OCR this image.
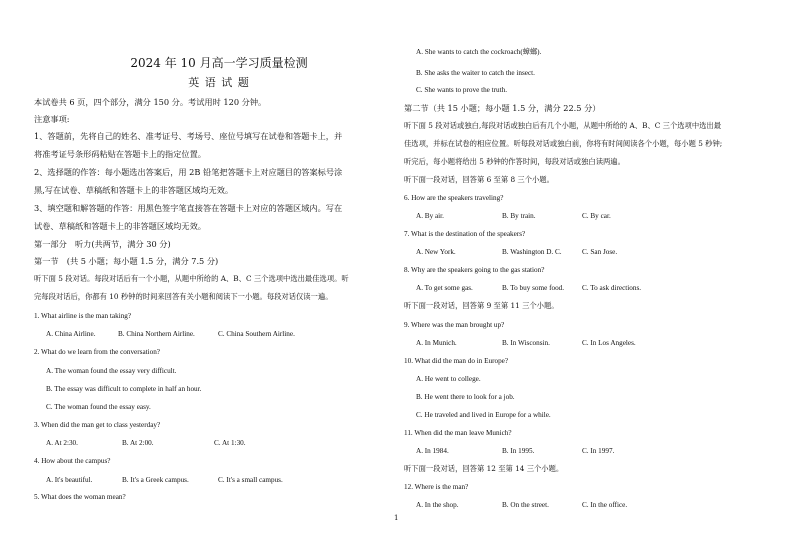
2024 年 10 月高一学习质量检测
英 语 试 题
本试卷共 6 页，四个部分，满分 150 分。考试用时 120 分钟。
注意事项:
1、答题前，先将自己的姓名、准考证号、考场号、座位号填写在试卷和答题卡上，并
将准考证号条形码粘贴在答题卡上的指定位置。
2、选择题的作答：每小题选出答案后，用 2B 铅笔把答题卡上对应题目的答案标号涂
黑,写在试卷、草稿纸和答题卡上的非答题区域均无效。
3、填空题和解答题的作答：用黑色签字笔直接答在答题卡上对应的答题区域内。写在
试卷、草稿纸和答题卡上的非答题区域均无效。
第一部分　听力(共两节，满分 30 分)
第一节　(共 5 小题；每小题 1.5 分，满分 7.5 分)
听下面 5 段对话。每段对话后有一个小题，从题中所给的 A、B、C 三个选项中选出最佳选项。听
完每段对话后，你都有 10 秒钟的时间来回答有关小题和阅读下一小题。每段对话仅读一遍。
1. What airline is the man taking?
A. China Airline.	B. China Northern Airline.	C. China Southern Airline.
2. What do we learn from the conversation?
A. The woman found the essay very difficult.
B. The essay was difficult to complete in half an hour.
C. The woman found the essay easy.
3. When did the man get to class yesterday?
A. At 2:30.	B. At 2:00.	C. At 1:30.
4. How about the campus?
A. It's beautiful.	B. It's a Greek campus.	C. It's a small campus.
5. What does the woman mean?
A. She wants to catch the cockroach(蟑螂).
B. She asks the waiter to catch the insect.
C. She wants to prove the truth.
第二节（共 15 小题；每小题 1.5 分，满分 22.5 分）
听下面 5 段对话或独白,每段对话或独白后有几个小题，从题中所给的 A、B、C 三个选项中选出最
佳选项，并标在试卷的相应位置。听每段对话或独白前，你将有时间阅读各个小题，每小题 5 秒钟;
听完后，每小题将给出 5 秒钟的作答时间，每段对话或独白读两遍。
听下面一段对话，回答第 6 至第 8 三个小题。
6. How are the speakers traveling?
A. By air.	B. By train.	C. By car.
7. What is the destination of the speakers?
A. New York.	B. Washington D. C.	C. San Jose.
8. Why are the speakers going to the gas station?
A. To get some gas.	B. To buy some food. C. To ask directions.
听下面一段对话，回答第 9 至第 11 三个小题。
9. Where was the man brought up?
A. In Munich.	B. In Wisconsin.	C. In Los Angeles.
10. What did the man do in Europe?
A. He went to college.
B. He went there to look for a job.
C. He traveled and lived in Europe for a while.
11. When did the man leave Munich?
A. In 1984.	B. In 1995.	C. In 1997.
听下面一段对话，回答第 12 至第 14 三个小题。
12. Where is the man?
A. In the shop.	B. On the street.	C. In the office.
1
